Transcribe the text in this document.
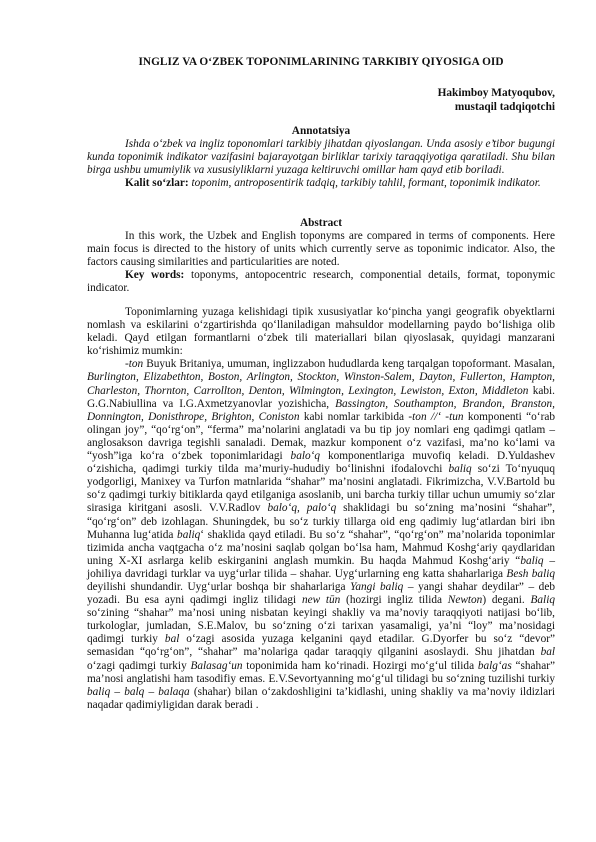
INGLIZ VA O‘ZBEK TOPONIMLARINING TARKIBIY QIYOSIGA OID
Hakimboy Matyoqubov,
mustaqil tadqiqotchi
Annotatsiya

Ishda o‘zbek va ingliz toponomlari tarkibiy jihatdan qiyoslangan. Unda asosiy e’tibor bugungi kunda toponimik indikator vazifasini bajarayotgan birliklar tarixiy taraqqiyotiga qaratiladi. Shu bilan birga ushbu umumiylik va xususiyliklarni yuzaga keltiruvchi omillar ham qayd etib boriladi.

Kalit so‘zlar: toponim, antroposentirik tadqiq, tarkibiy tahlil, formant, toponimik indikator.

Abstract

In this work, the Uzbek and English toponyms are compared in terms of components. Here main focus is directed to the history of units which currently serve as toponimic indicator. Also, the factors causing similarities and particularities are noted.

Key words: toponyms, antopocentric research, componential details, format, toponymic indicator.

Toponimlarning yuzaga kelishidagi tipik xususiyatlar ko‘pincha yangi geografik obyektlarni nomlash va eskilarini o‘zgartirishda qo‘llaniladigan mahsuldor modellarning paydo bo‘lishiga olib keladi. Qayd etilgan formantlarni o‘zbek tili materiallari bilan qiyoslasak, quyidagi manzarani ko‘rishimiz mumkin:

-ton Buyuk Britaniya, umuman, inglizzabon hududlarda keng tarqalgan topoformant. Masalan, Burlington, Elizabethton, Boston, Arlington, Stockton, Winston-Salem, Dayton, Fullerton, Hampton, Charleston, Thornton, Carrollton, Denton, Wilmington, Lexington, Lewiston, Exton, Middleton kabi. G.G.Nabiullina va I.G.Axmetzyanovlar yozishicha, Bassington, Southampton, Brandon, Branston, Donnington, Donisthrope, Brighton, Coniston kabi nomlar tarkibida -ton //‘ -tun komponenti “o‘rab olingan joy”, “qo‘rg‘on”, “ferma” ma’nolarini anglatadi va bu tip joy nomlari eng qadimgi qatlam – anglosakson davriga tegishli sanaladi. Demak, mazkur komponent o‘z vazifasi, ma’no ko‘lami va “yosh”iga ko‘ra o‘zbek toponimlaridagi balo‘q komponentlariga muvofiq keladi. D.Yuldashev o‘zishicha, qadimgi turkiy tilda ma’muriy-hududiy bo‘linishni ifodalovchi baliq so‘zi To‘nyuquq yodgorligi, Manixey va Turfon matnlarida “shahar” ma’nosini anglatadi. Fikrimizcha, V.V.Bartold bu so‘z qadimgi turkiy bitiklarda qayd etilganiga asoslanib, uni barcha turkiy tillar uchun umumiy so‘zlar sirasiga kiritgani asosli. V.V.Radlov balo‘q, palo‘q shaklidagi bu so‘zning ma’nosini “shahar”, “qo‘rg‘on” deb izohlagan. Shuningdek, bu so‘z turkiy tillarga oid eng qadimiy lug‘atlardan biri ibn Muhanna lug‘atida baliq‘ shaklida qayd etiladi. Bu so‘z “shahar”, “qo‘rg‘on” ma’nolarida toponimlar tizimida ancha vaqtgacha o‘z ma’nosini saqlab qolgan bo‘lsa ham, Mahmud Koshg‘ariy qaydlaridan uning X-XI asrlarga kelib eskirganini anglash mumkin. Bu haqda Mahmud Koshg‘ariy “baliq – johiliya davridagi turklar va uyg‘urlar tilida – shahar. Uyg‘urlarning eng katta shaharlariga Besh baliq deyilishi shundandir. Uyg‘urlar boshqa bir shaharlariga Yangi baliq – yangi shahar deydilar” – deb yozadi. Bu esa ayni qadimgi ingliz tilidagi new tūn (hozirgi ingliz tilida Newton) degani. Baliq so‘zining “shahar” ma’nosi uning nisbatan keyingi shakliy va ma’noviy taraqqiyoti natijasi bo‘lib, turkologlar, jumladan, S.E.Malov, bu so‘zning o‘zi tarixan yasamaligi, ya’ni “loy” ma’nosidagi qadimgi turkiy bal o‘zagi asosida yuzaga kelganini qayd etadilar. G.Dyorfer bu so‘z “devor” semasidan “qo‘rg‘on”, “shahar” ma’nolariga qadar taraqqiy qilganini asoslaydi. Shu jihatdan bal o‘zagi qadimgi turkiy Balasag‘un toponimida ham ko‘rinadi. Hozirgi mo‘g‘ul tilida balg‘as “shahar” ma’nosi anglatishi ham tasodifiy emas. E.V.Sevortyanning mo‘g‘ul tilidagi bu so‘zning tuzilishi turkiy baliq – balq – balaqa (shahar) bilan o‘zakdoshligini ta’kidlashi, uning shakliy va ma’noviy ildizlari naqadar qadimiyligidan darak beradi .
